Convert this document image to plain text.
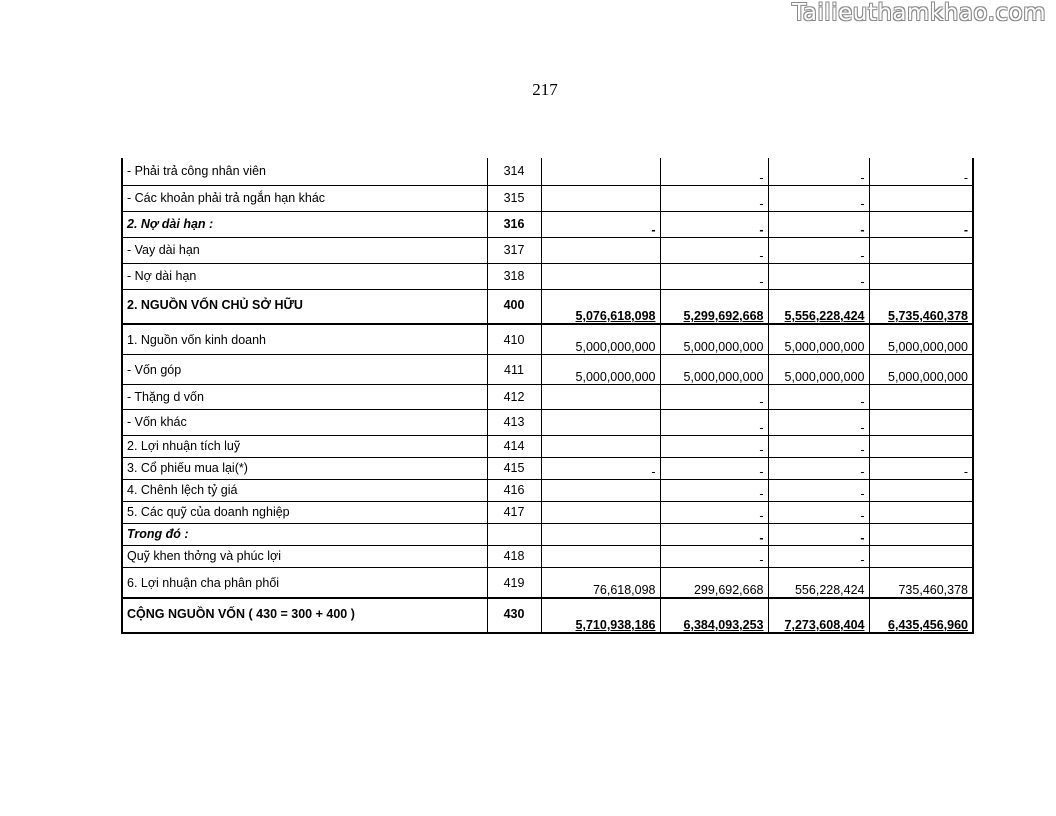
Tailieuthamkhao.com
217
- Phải trả công nhân viên	314		-	-	-
- Các khoản phải trả ngắn hạn khác	315		-	-	
2. Nợ dài hạn :	316	-	-	-	-
- Vay dài hạn	317		-	-	
- Nợ dài hạn	318		-	-	
2. NGUỒN VỐN CHỦ SỞ HỮU	400	5,076,618,098	5,299,692,668	5,556,228,424	5,735,460,378
1. Nguồn vốn kinh doanh	410	5,000,000,000	5,000,000,000	5,000,000,000	5,000,000,000
- Vốn góp	411	5,000,000,000	5,000,000,000	5,000,000,000	5,000,000,000
- Thặng d vốn	412		-	-	
- Vốn khác	413		-	-	
2. Lợi nhuận tích luỹ	414		-	-	
3. Cổ phiếu mua lại(*)	415	-	-	-	-
4. Chênh lệch tỷ giá	416		-	-	
5. Các quỹ của doanh nghiệp	417		-	-	
Trong đó :			-	-	
Quỹ khen thởng và phúc lợi	418		-	-	
6. Lợi nhuận cha phân phối	419	76,618,098	299,692,668	556,228,424	735,460,378
CỘNG NGUỒN VỐN ( 430 = 300 + 400 )	430	5,710,938,186	6,384,093,253	7,273,608,404	6,435,456,960
